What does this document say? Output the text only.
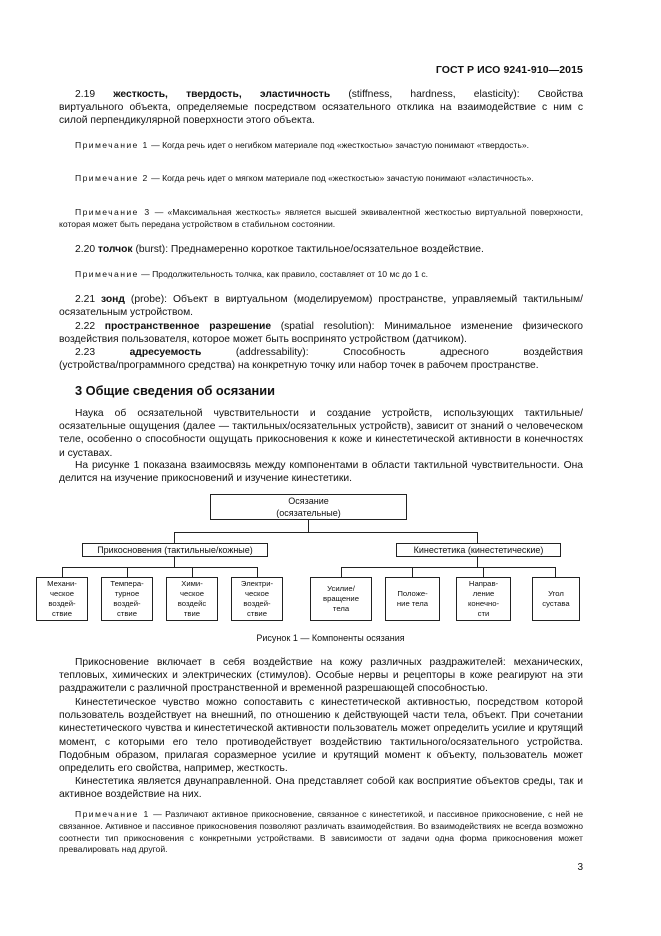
ГОСТ Р ИСО 9241-910—2015

2.19 жесткость, твердость, эластичность (stiffness, hardness, elasticity): Свойства

виртуального объекта, определяемые посредством осязательного отклика на взаимодействие с ним с

силой перпендикулярной поверхности этого объекта.

Примечание 1 — Когда речь идет о негибком материале под «жесткостью» зачастую понимают «твердость».
Примечание 2 — Когда речь идет о мягком материале под «жесткостью» зачастую понимают «эластичность».
Примечание 3 — «Максимальная жесткость» является высшей эквивалентной жесткостью виртуальной поверхности, которая может быть передана устройством в стабильном состоянии.
2.20 толчок (burst): Преднамеренно короткое тактильное/осязательное воздействие.
Примечание — Продолжительность толчка, как правило, составляет от 10 мс до 1 с.
2.21 зонд (probe): Объект в виртуальном (моделируемом) пространстве, управляемый тактильным/осязательным устройством.
2.22 пространственное разрешение (spatial resolution): Минимальное изменение физического воздействия пользователя, которое может быть воспринято устройством (датчиком).

2.23	адресуемость (addressability): Способность адресного воздействия

(устройства/программного средства) на конкретную точку или набор точек в рабочем пространстве.

3 Общие сведения об осязании
Наука об осязательной чувствительности и создание устройств, использующих тактильные/осязательные ощущения (далее — тактильных/осязательных устройств), зависит от знаний о человеческом теле, особенно о способности ощущать прикосновения к коже и кинестетической активности в конечностях и суставах.
На рисунке 1 показана взаимосвязь между компонентами в области тактильной чувствительности. Она делится на изучение прикосновений и изучение кинестетики.
Осязание
(осязательные)
Прикосновения (тактильные/кожные)	Кинестетика (кинестетические)
Механи-
ческое
воздей-
ствие
Темпера-
турное
воздей-
ствие
Хими-
ческое
воздейс
твие
Электри-
ческое
воздей-
ствие
Усилие/
вращение
тела
Положе-
ние тела
Направ-
ление
конечно-
сти
Угол
сустава
Рисунок 1 — Компоненты осязания
Прикосновение включает в себя воздействие на кожу различных раздражителей: механических, тепловых, химических и электрических (стимулов). Особые нервы и рецепторы в коже реагируют на эти раздражители с различной пространственной и временной разрешающей способностью.
Кинестетическое чувство можно сопоставить с кинестетической активностью, посредством которой пользователь воздействует на внешний, по отношению к действующей части тела, объект. При сочетании кинестетического чувства и кинестетической активности пользователь может определить усилие и крутящий момент, с которыми его тело противодействует воздействию тактильного/осязательного устройства. Подобным образом, прилагая соразмерное усилие и крутящий момент к объекту, пользователь может определить его свойства, например, жесткость.
Кинестетика является двунаправленной. Она представляет собой как восприятие объектов среды, так и активное воздействие на них.
Примечание 1 — Различают активное прикосновение, связанное с кинестетикой, и пассивное прикосновение, с ней не связанное. Активное и пассивное прикосновения позволяют различать взаимодействия. Во взаимодействиях не всегда возможно соотнести тип прикосновения с конкретными устройствами. В зависимости от задачи одна форма прикосновения может превалировать над другой.
3
